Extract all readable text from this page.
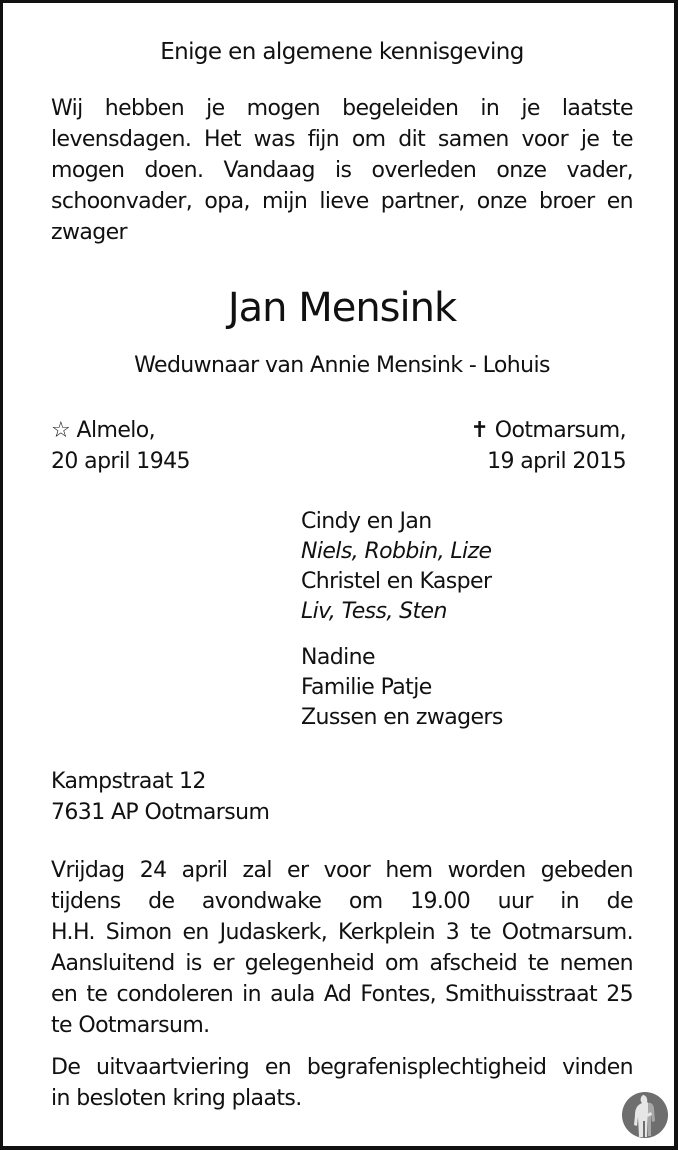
Enige en algemene kennisgeving
Wij hebben je mogen begeleiden in je laatste
levensdagen. Het was fijn om dit samen voor je te
mogen doen. Vandaag is overleden onze vader,
schoonvader, opa, mijn lieve partner, onze broer en
zwager
Jan Mensink
Weduwnaar van Annie Mensink - Lohuis
☆ Almelo,
20 april 1945
✝ Ootmarsum,
19 april 2015
Cindy en Jan
Niels, Robbin, Lize
Christel en Kasper
Liv, Tess, Sten
Nadine
Familie Patje
Zussen en zwagers
Kampstraat 12
7631 AP Ootmarsum
Vrijdag 24 april zal er voor hem worden gebeden
tijdens de avondwake om 19.00 uur in de
H.H. Simon en Judaskerk, Kerkplein 3 te Ootmarsum.
Aansluitend is er gelegenheid om afscheid te nemen
en te condoleren in aula Ad Fontes, Smithuisstraat 25
te Ootmarsum.
De uitvaartviering en begrafenisplechtigheid vinden
in besloten kring plaats.
